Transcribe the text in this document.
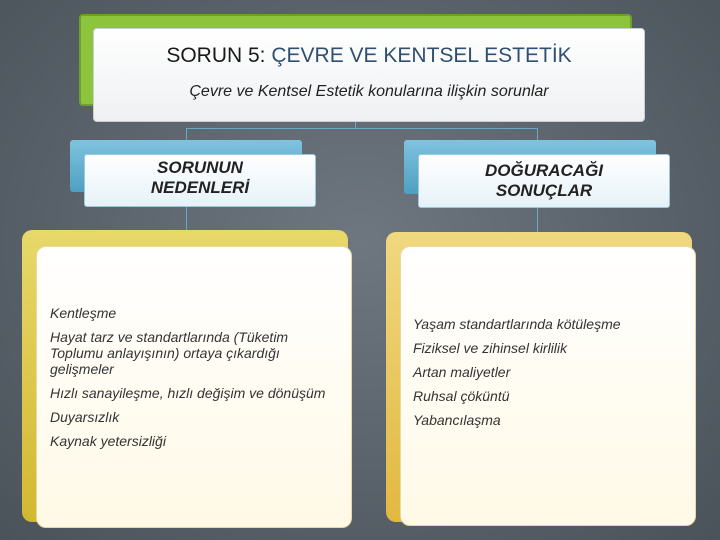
SORUN 5: ÇEVRE VE KENTSEL ESTETİK
Çevre ve Kentsel Estetik konularına ilişkin sorunlar
SORUNUN
NEDENLERİ
DOĞURACAĞI
SONUÇLAR
Kentleşme
Hayat tarz ve standartlarında (Tüketim Toplumu anlayışının) ortaya çıkardığı gelişmeler
Hızlı sanayileşme, hızlı değişim ve dönüşüm
Duyarsızlık
Kaynak yetersizliği
Yaşam standartlarında kötüleşme
Fiziksel ve zihinsel kirlilik
Artan maliyetler
Ruhsal çöküntü
Yabancılaşma
